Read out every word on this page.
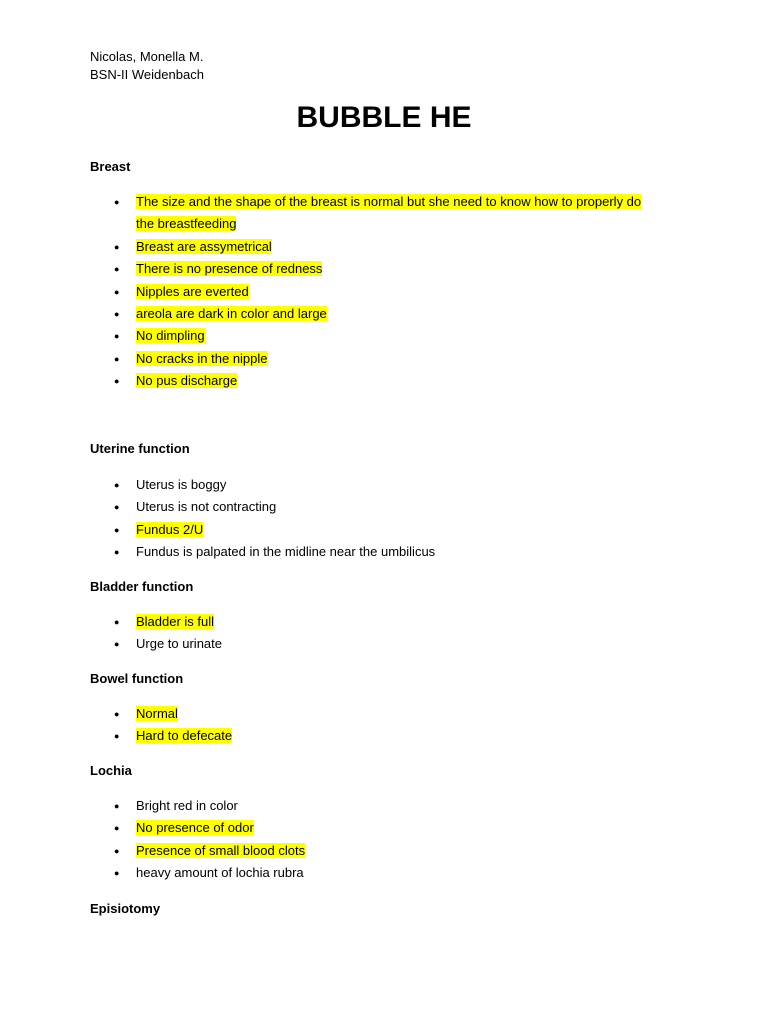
Nicolas, Monella M.
BSN-II Weidenbach
BUBBLE HE
Breast
● The size and the shape of the breast is normal but she need to know how to properly do
the breastfeeding
● Breast are assymetrical
● There is no presence of redness
● Nipples are everted
● areola are dark in color and large
● No dimpling
● No cracks in the nipple
● No pus discharge
Uterine function
● Uterus is boggy
● Uterus is not contracting
● Fundus 2/U
● Fundus is palpated in the midline near the umbilicus
Bladder function
● Bladder is full
● Urge to urinate
Bowel function
● Normal
● Hard to defecate
Lochia
● Bright red in color
● No presence of odor
● Presence of small blood clots
● heavy amount of lochia rubra
Episiotomy
